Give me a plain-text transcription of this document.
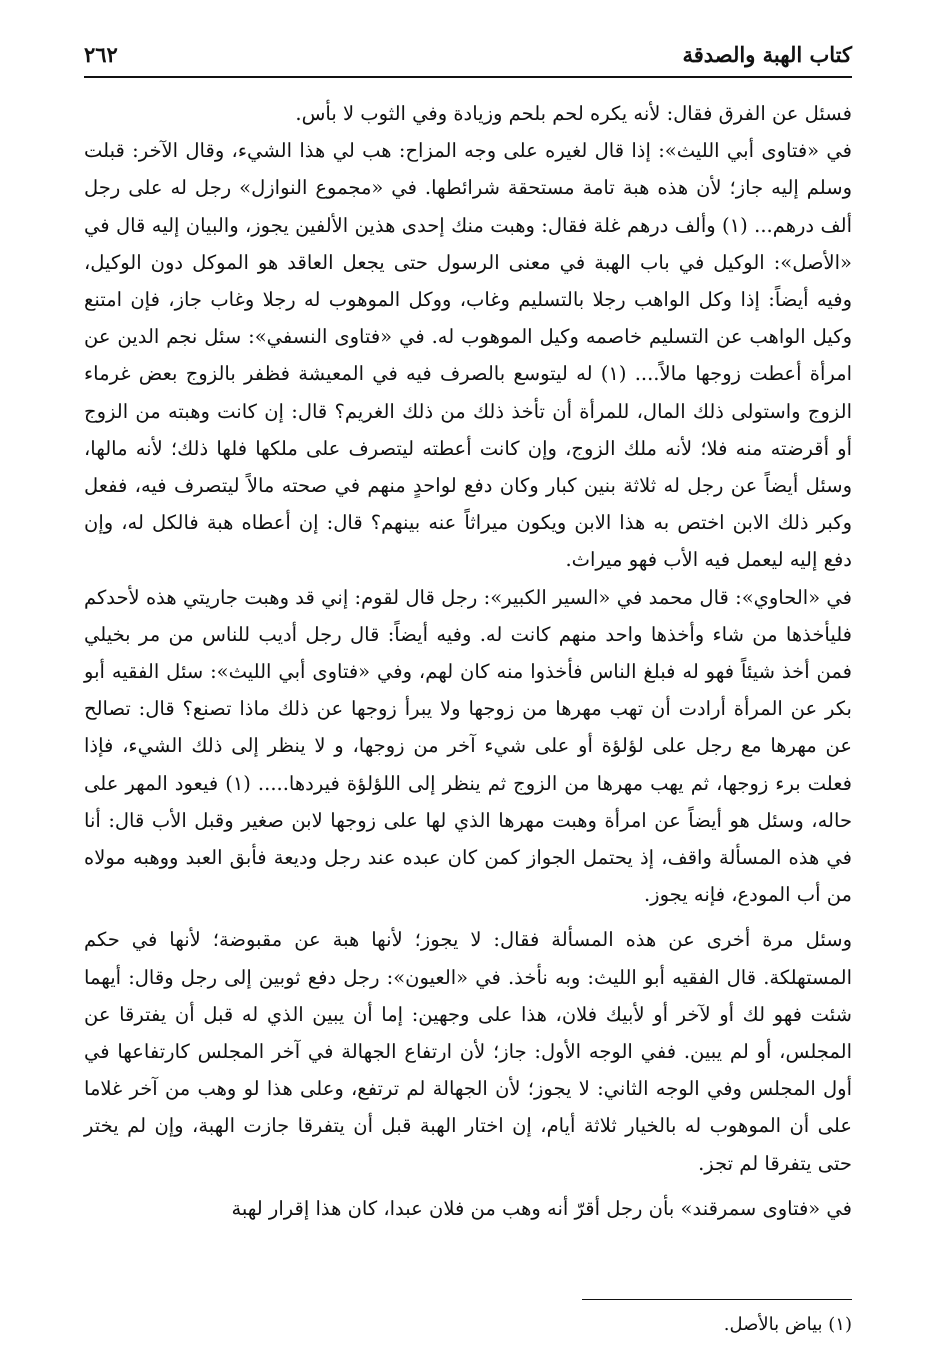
كتاب الهبة والصدقة
٢٦٢

فسئل عن الفرق فقال: لأنه يكره لحم بلحم وزيادة وفي الثوب لا بأس.

في «فتاوى أبي الليث»: إذا قال لغيره على وجه المزاح: هب لي هذا الشيء، وقال الآخر: قبلت وسلم إليه جاز؛ لأن هذه هبة تامة مستحقة شرائطها. في «مجموع النوازل» رجل له على رجل ألف درهم... (١) وألف درهم غلة فقال: وهبت منك إحدى هذين الألفين يجوز، والبيان إليه قال في «الأصل»: الوكيل في باب الهبة في معنى الرسول حتى يجعل العاقد هو الموكل دون الوكيل، وفيه أيضاً: إذا وكل الواهب رجلا بالتسليم وغاب، ووكل الموهوب له رجلا وغاب جاز، فإن امتنع وكيل الواهب عن التسليم خاصمه وكيل الموهوب له. في «فتاوى النسفي»: سئل نجم الدين عن امرأة أعطت زوجها مالاً.... (١) له ليتوسع بالصرف فيه في المعيشة فظفر بالزوج بعض غرماء الزوج واستولى ذلك المال، للمرأة أن تأخذ ذلك من ذلك الغريم؟ قال: إن كانت وهبته من الزوج أو أقرضته منه فلا؛ لأنه ملك الزوج، وإن كانت أعطته ليتصرف على ملكها فلها ذلك؛ لأنه مالها، وسئل أيضاً عن رجل له ثلاثة بنين كبار وكان دفع لواحدٍ منهم في صحته مالاً ليتصرف فيه، ففعل وكبر ذلك الابن اختص به هذا الابن ويكون ميراثاً عنه بينهم؟ قال: إن أعطاه هبة فالكل له، وإن دفع إليه ليعمل فيه الأب فهو ميراث.

في «الحاوي»: قال محمد في «السير الكبير»: رجل قال لقوم: إني قد وهبت جاريتي هذه لأحدكم فليأخذها من شاء وأخذها واحد منهم كانت له. وفيه أيضاً: قال رجل أديب للناس من مر بخيلي فمن أخذ شيئاً فهو له فبلغ الناس فأخذوا منه كان لهم، وفي «فتاوى أبي الليث»: سئل الفقيه أبو بكر عن المرأة أرادت أن تهب مهرها من زوجها ولا يبرأ زوجها عن ذلك ماذا تصنع؟ قال: تصالح عن مهرها مع رجل على لؤلؤة أو على شيء آخر من زوجها، و لا ينظر إلى ذلك الشيء، فإذا فعلت برء زوجها، ثم يهب مهرها من الزوج ثم ينظر إلى اللؤلؤة فيردها..... (١) فيعود المهر على حاله، وسئل هو أيضاً عن امرأة وهبت مهرها الذي لها على زوجها لابن صغير وقبل الأب قال: أنا في هذه المسألة واقف، إذ يحتمل الجواز كمن كان عبده عند رجل وديعة فأبق العبد ووهبه مولاه من أب المودع، فإنه يجوز.

وسئل مرة أخرى عن هذه المسألة فقال: لا يجوز؛ لأنها هبة عن مقبوضة؛ لأنها في حكم المستهلكة. قال الفقيه أبو الليث: وبه نأخذ. في «العيون»: رجل دفع ثوبين إلى رجل وقال: أيهما شئت فهو لك أو لآخر أو لأبيك فلان، هذا على وجهين: إما أن يبين الذي له قبل أن يفترقا عن المجلس، أو لم يبين. ففي الوجه الأول: جاز؛ لأن ارتفاع الجهالة في آخر المجلس كارتفاعها في أول المجلس وفي الوجه الثاني: لا يجوز؛ لأن الجهالة لم ترتفع، وعلى هذا لو وهب من آخر غلاما على أن الموهوب له بالخيار ثلاثة أيام، إن اختار الهبة قبل أن يتفرقا جازت الهبة، وإن لم يختر حتى يتفرقا لم تجز.

في «فتاوى سمرقند» بأن رجل أقرّ أنه وهب من فلان عبدا، كان هذا إقرار لهبة

(١) بياض بالأصل.
